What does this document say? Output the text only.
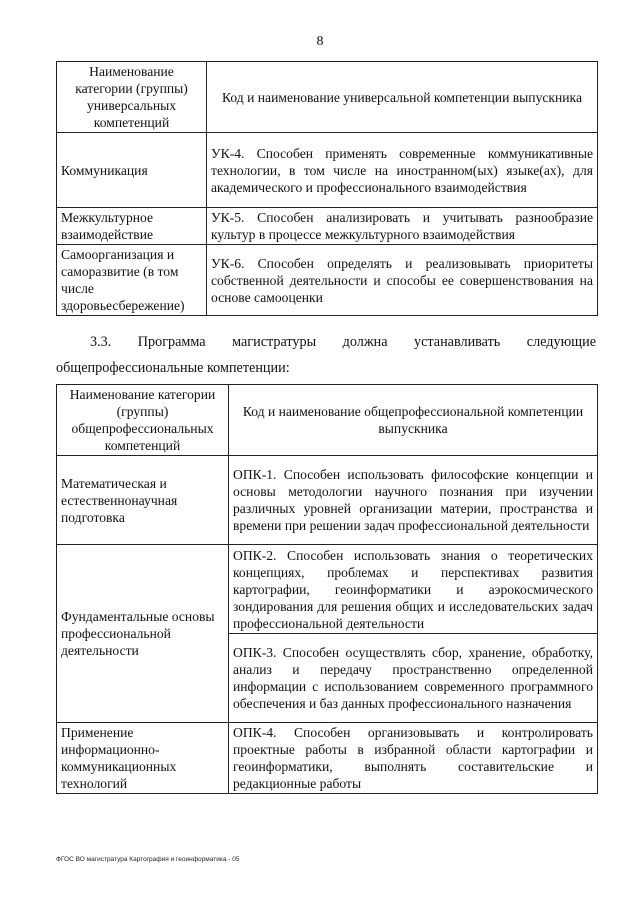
8
Наименование категории (группы) универсальных компетенций	Код и наименование универсальной компетенции выпускника
Коммуникация	УК-4. Способен применять современные коммуникативные технологии, в том числе на иностранном(ых) языке(ах), для академического и профессионального взаимодействия
Межкультурное взаимодействие	УК-5. Способен анализировать и учитывать разнообразие культур в процессе межкультурного взаимодействия
Самоорганизация и саморазвитие (в том числе здоровьесбережение)	УК-6. Способен определять и реализовывать приоритеты собственной деятельности и способы ее совершенствования на основе самооценки
3.3. Программа магистратуры должна устанавливать следующие
общепрофессиональные компетенции:
Наименование категории (группы) общепрофессиональных компетенций	Код и наименование общепрофессиональной компетенции выпускника
Математическая и естественнонаучная подготовка	ОПК-1. Способен использовать философские концепции и основы методологии научного познания при изучении различных уровней организации материи, пространства и времени при решении задач профессиональной деятельности
Фундаментальные основы профессиональной деятельности	ОПК-2. Способен использовать знания о теоретических концепциях, проблемах и перспективах развития картографии, геоинформатики и аэрокосмического зондирования для решения общих и исследовательских задач профессиональной деятельности
	ОПК-3. Способен осуществлять сбор, хранение, обработку, анализ и передачу пространственно определенной информации с использованием современного программного обеспечения и баз данных профессионального назначения
Применение информационно-коммуникационных технологий	ОПК-4. Способен организовывать и контролировать проектные работы в избранной области картографии и геоинформатики, выполнять составительские и редакционные работы
ФГОС ВО магистратура Картография и геоинформатика - 05
